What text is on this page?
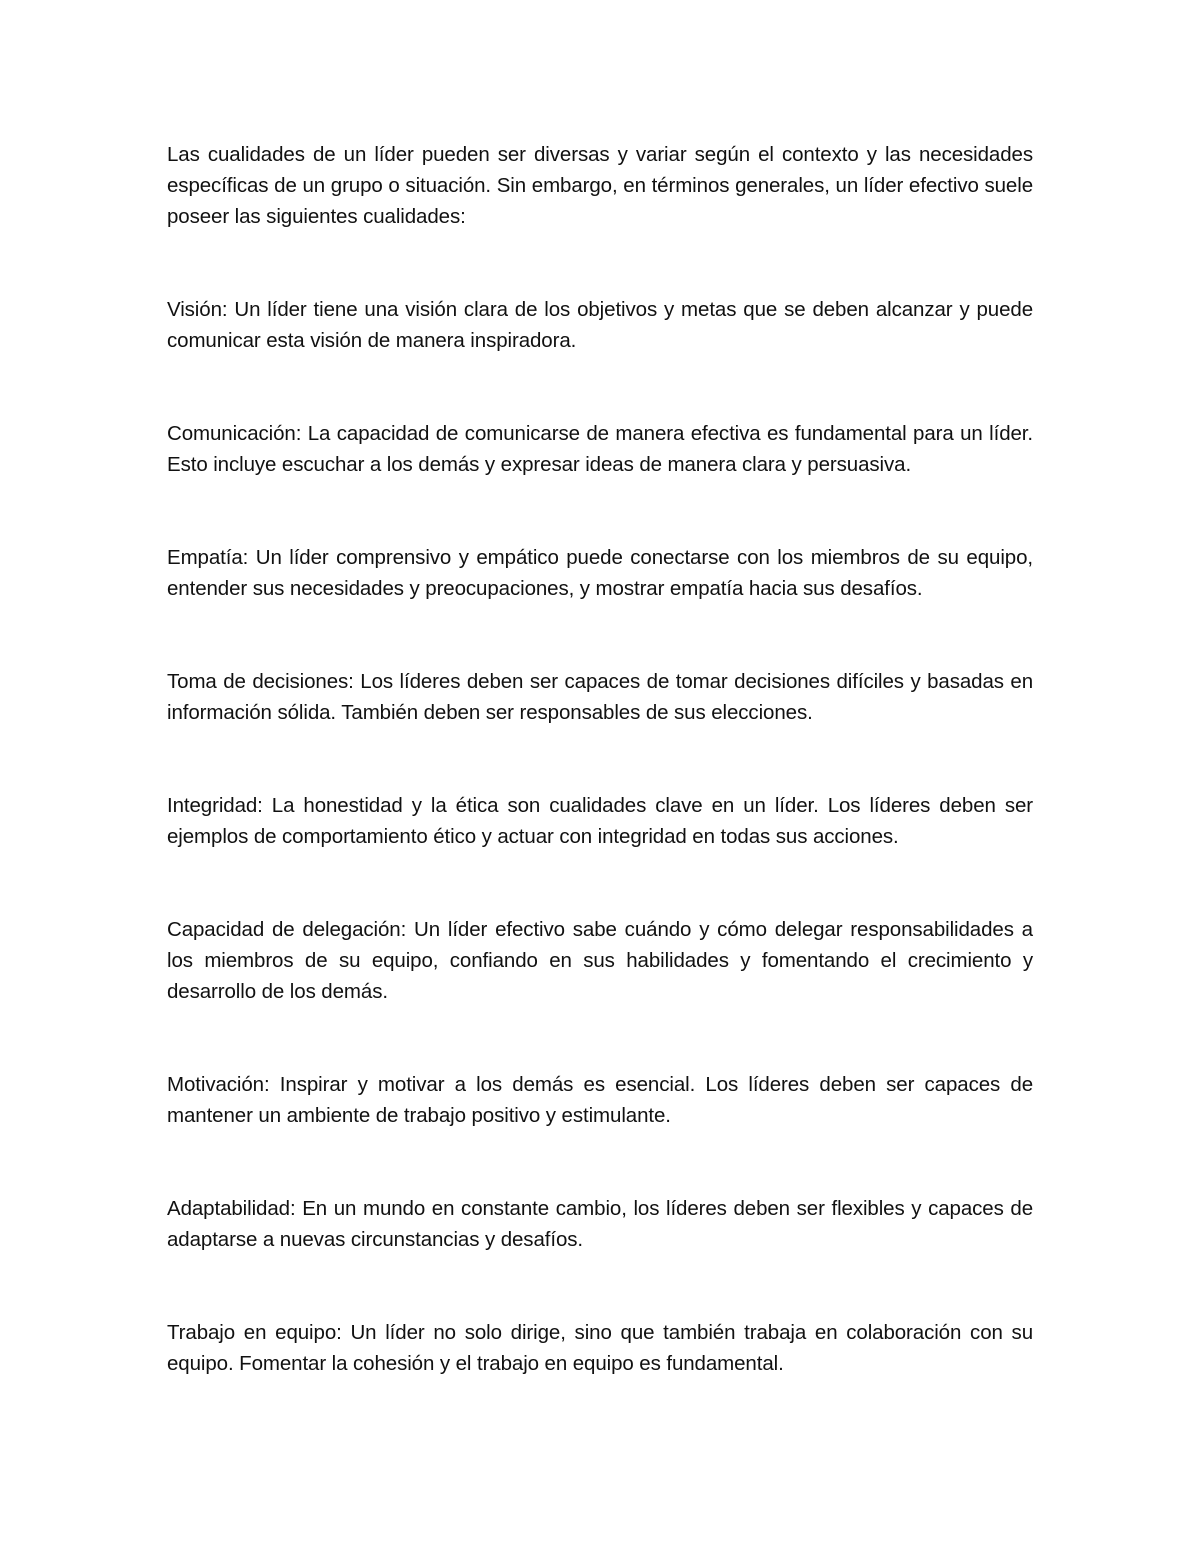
Las cualidades de un líder pueden ser diversas y variar según el contexto y las necesidades específicas de un grupo o situación. Sin embargo, en términos generales, un líder efectivo suele poseer las siguientes cualidades:

Visión: Un líder tiene una visión clara de los objetivos y metas que se deben alcanzar y puede comunicar esta visión de manera inspiradora.

Comunicación: La capacidad de comunicarse de manera efectiva es fundamental para un líder. Esto incluye escuchar a los demás y expresar ideas de manera clara y persuasiva.

Empatía: Un líder comprensivo y empático puede conectarse con los miembros de su equipo, entender sus necesidades y preocupaciones, y mostrar empatía hacia sus desafíos.

Toma de decisiones: Los líderes deben ser capaces de tomar decisiones difíciles y basadas en información sólida. También deben ser responsables de sus elecciones.

Integridad: La honestidad y la ética son cualidades clave en un líder. Los líderes deben ser ejemplos de comportamiento ético y actuar con integridad en todas sus acciones.

Capacidad de delegación: Un líder efectivo sabe cuándo y cómo delegar responsabilidades a los miembros de su equipo, confiando en sus habilidades y fomentando el crecimiento y desarrollo de los demás.

Motivación: Inspirar y motivar a los demás es esencial. Los líderes deben ser capaces de mantener un ambiente de trabajo positivo y estimulante.

Adaptabilidad: En un mundo en constante cambio, los líderes deben ser flexibles y capaces de adaptarse a nuevas circunstancias y desafíos.

Trabajo en equipo: Un líder no solo dirige, sino que también trabaja en colaboración con su equipo. Fomentar la cohesión y el trabajo en equipo es fundamental.
